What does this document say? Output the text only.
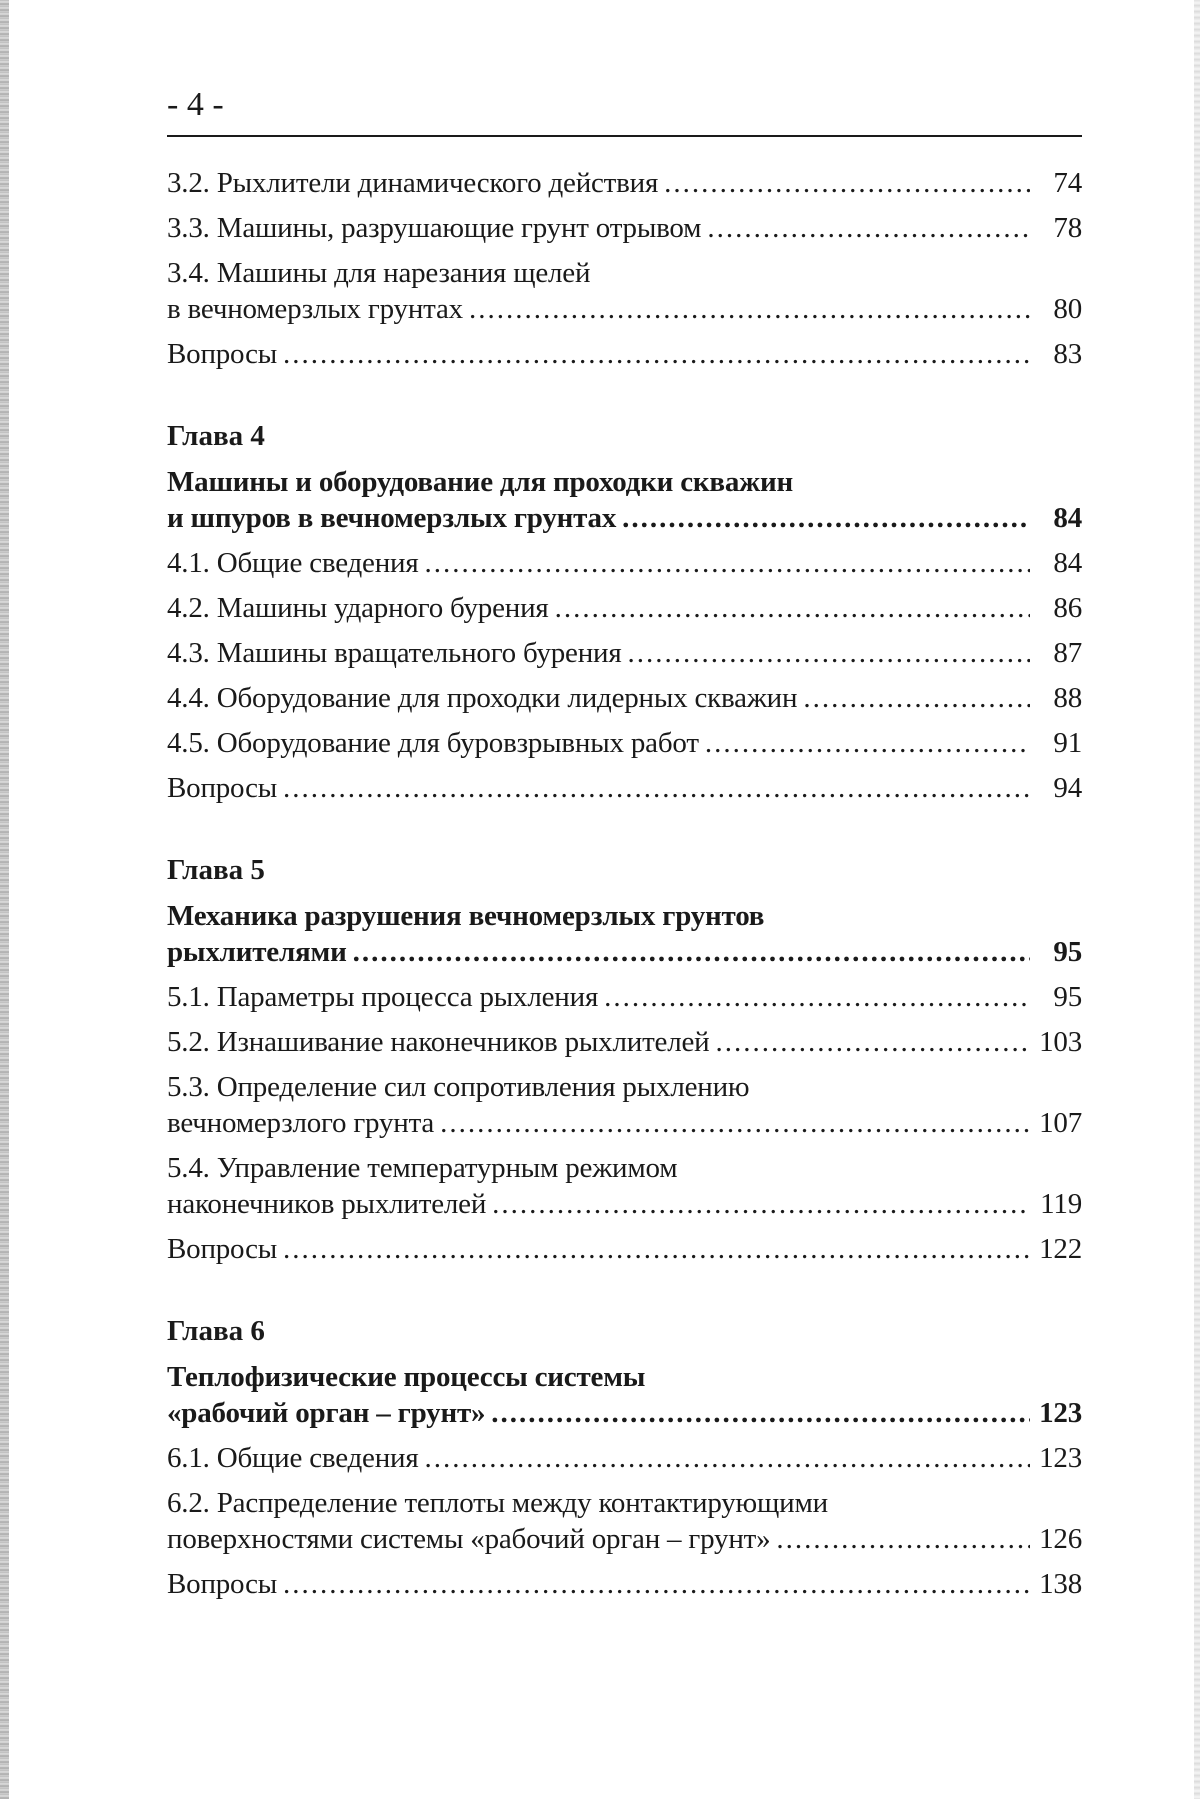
- 4 -
3.2. Рыхлители динамического действия .....	74
3.3. Машины, разрушающие грунт отрывом .....	78
3.4. Машины для нарезания щелей
в вечномерзлых грунтах .....	80
Вопросы .....	83
Глава 4
Машины и оборудование для проходки скважин
и шпуров в вечномерзлых грунтах .....	84
4.1. Общие сведения .....	84
4.2. Машины ударного бурения .....	86
4.3. Машины вращательного бурения .....	87
4.4. Оборудование для проходки лидерных скважин .....	88
4.5. Оборудование для буровзрывных работ .....	91
Вопросы .....	94
Глава 5
Механика разрушения вечномерзлых грунтов
рыхлителями .....	95
5.1. Параметры процесса рыхления .....	95
5.2. Изнашивание наконечников рыхлителей .....	103
5.3. Определение сил сопротивления рыхлению
вечномерзлого грунта .....	107
5.4. Управление температурным режимом
наконечников рыхлителей .....	119
Вопросы .....	122
Глава 6
Теплофизические процессы системы
«рабочий орган – грунт» .....	123
6.1. Общие сведения .....	123
6.2. Распределение теплоты между контактирующими
поверхностями системы «рабочий орган – грунт» .....	126
Вопросы .....	138
